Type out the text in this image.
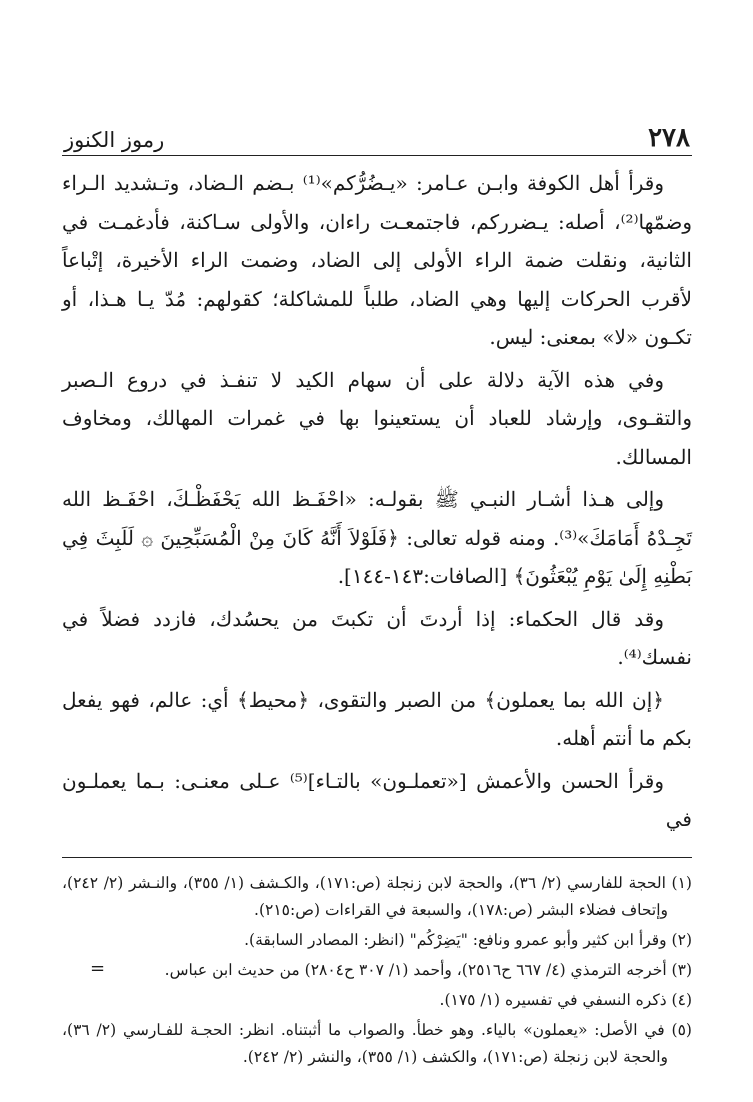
٢٧٨
رموز الكنوز

وقرأ أهل الكوفة وابـن عـامر: «يـضُرُّكم»⁽¹⁾ بـضم الـضاد، وتـشديد الـراء وضمّها⁽²⁾، أصله: يـضرركم، فاجتمعـت راءان، والأولى سـاكنة، فأدغمـت في الثانية، ونقلت ضمة الراء الأولى إلى الضاد، وضمت الراء الأخيرة، إتْباعاً لأقرب الحركات إليها وهي الضاد، طلباً للمشاكلة؛ كقولهم: مُدّ يـا هـذا، أو تكـون «لا» بمعنى: ليس.

وفي هذه الآية دلالة على أن سهام الكيد لا تنفـذ في دروع الـصبر والتقـوى، وإرشاد للعباد أن يستعينوا بها في غمرات المهالك، ومخاوف المسالك.

وإلى هـذا أشـار النبـي ﷺ بقولـه: «احْفَـظ الله يَحْفَظْـكَ، احْفَـظ الله تَجِـدْهُ أَمَامَكَ»⁽³⁾. ومنه قوله تعالى: ﴿فَلَوْلاَ أَنَّهُ كَانَ مِنْ الْمُسَبِّحِينَ ۞ لَلَبِثَ فِي بَطْنِهِ إِلَىٰ يَوْمِ يُبْعَثُونَ﴾ [الصافات:١٤٣-١٤٤].

وقد قال الحكماء: إذا أردتَ أن تكبتَ من يحسُدك، فازدد فضلاً في نفسك⁽⁴⁾.

﴿إن الله بما يعملون﴾ من الصبر والتقوى، ﴿محيط﴾ أي: عالم، فهو يفعل بكم ما أنتم أهله.

وقرأ الحسن والأعمش [«تعملـون» بالتـاء]⁽⁵⁾ عـلى معنـى: بـما يعملـون في

(١) الحجة للفارسي (٢/ ٣٦)، والحجة لابن زنجلة (ص:١٧١)، والكـشف (١/ ٣٥٥)، والنـشر (٢/ ٢٤٢)، وإتحاف فضلاء البشر (ص:١٧٨)، والسبعة في القراءات (ص:٢١٥).

(٢) وقرأ ابن كثير وأبو عمرو ونافع: "يَضِرْكُم" (انظر: المصادر السابقة).

(٣) أخرجه الترمذي (٤/ ٦٦٧ ح٢٥١٦)، وأحمد (١/ ٣٠٧ ح٢٨٠٤) من حديث ابن عباس.

(٤) ذكره النسفي في تفسيره (١/ ١٧٥).

(٥) في الأصل: «يعملون» بالياء. وهو خطأ. والصواب ما أثبتناه. انظر: الحجـة للفـارسي (٢/ ٣٦)، والحجة لابن زنجلة (ص:١٧١)، والكشف (١/ ٣٥٥)، والنشر (٢/ ٢٤٢).

=
